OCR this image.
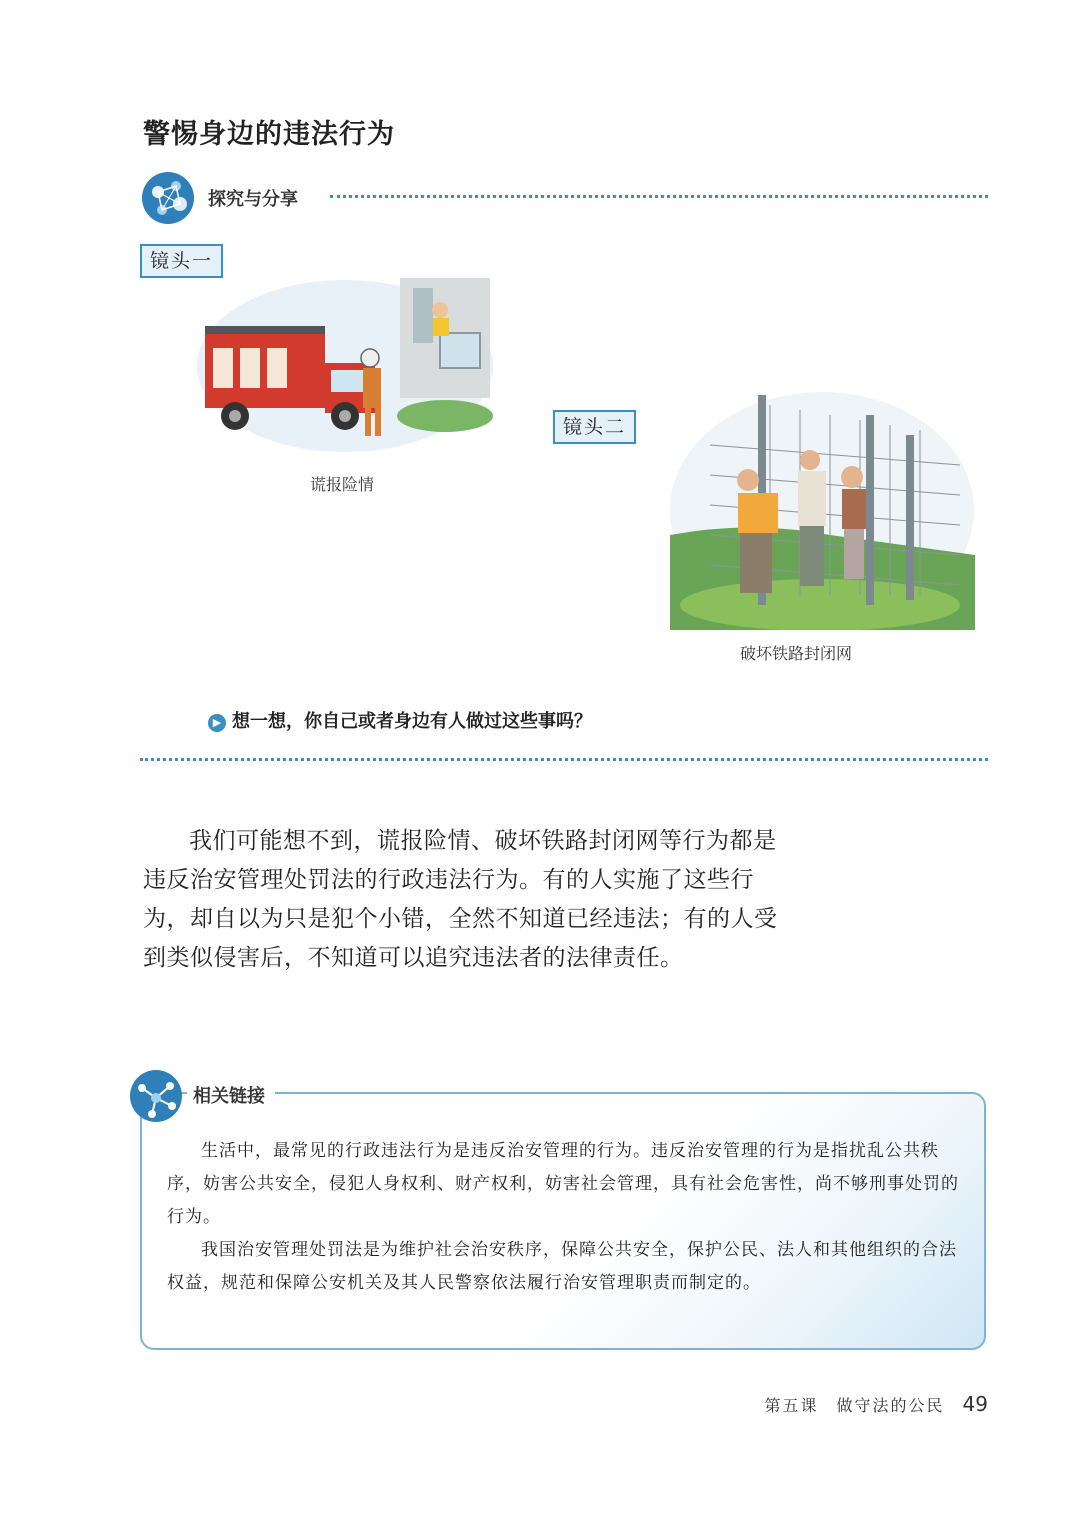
警惕身边的违法行为
探究与分享
镜头一
谎报险情
镜头二
破坏铁路封闭网
▶ 想一想，你自己或者身边有人做过这些事吗？
我们可能想不到，谎报险情、破坏铁路封闭网等行为都是违反治安管理处罚法的行政违法行为。有的人实施了这些行为，却自以为只是犯个小错，全然不知道已经违法；有的人受到类似侵害后，不知道可以追究违法者的法律责任。
相关链接

生活中，最常见的行政违法行为是违反治安管理的行为。违反治安管理的行为是指扰乱公共秩序，妨害公共安全，侵犯人身权利、财产权利，妨害社会管理，具有社会危害性，尚不够刑事处罚的行为。

我国治安管理处罚法是为维护社会治安秩序，保障公共安全，保护公民、法人和其他组织的合法权益，规范和保障公安机关及其人民警察依法履行治安管理职责而制定的。

第五课　做守法的公民 49
